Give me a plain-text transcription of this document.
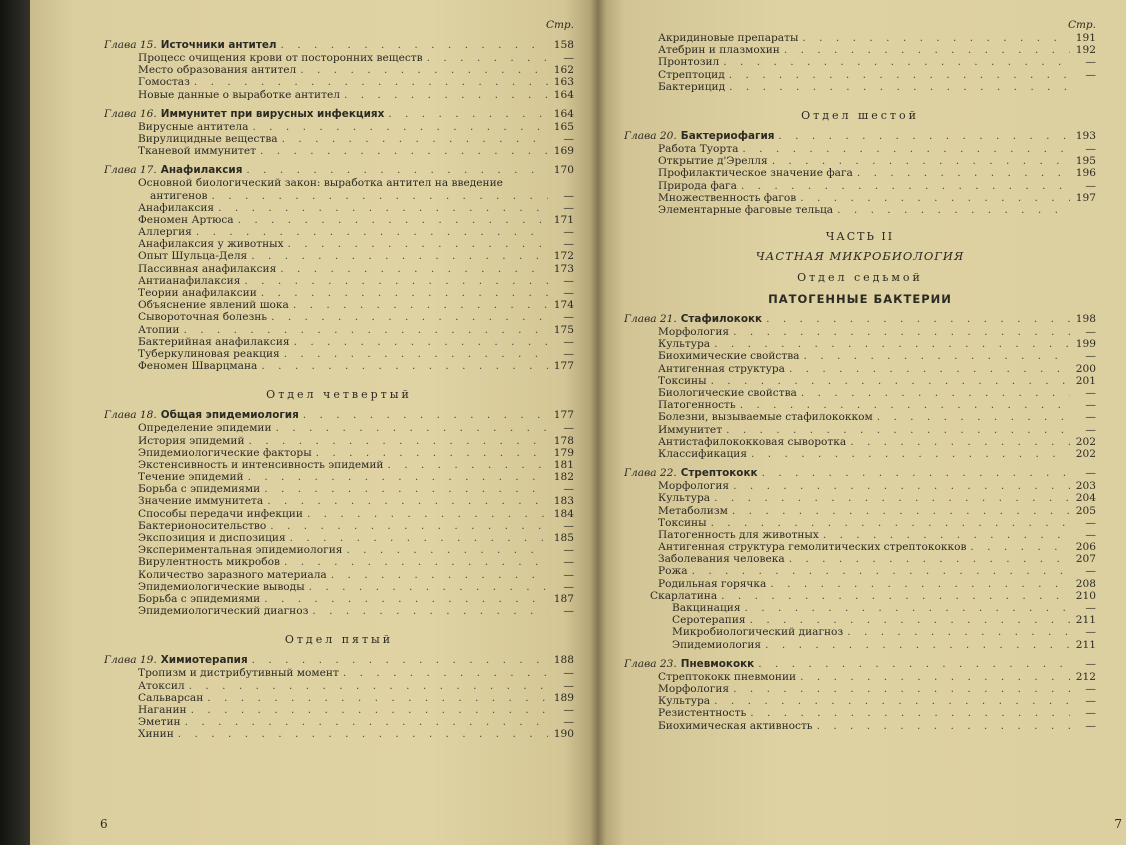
Стр.
Глава 15. Источники антител . . .	158
Процесс очищения крови от посторонних веществ . . .	—
Место образования антител . . .	162
Гомостаз . . .	163
Новые данные о выработке антител . . .	164
Глава 16. Иммунитет при вирусных инфекциях . . .	164
Вирусные антитела . . .	165
Вирулицидные вещества . . .	—
Тканевой иммунитет . . .	169
Глава 17. Анафилаксия . . .	170
Основной биологический закон: выработка антител на введение
антигенов . . .	—
Анафилаксия . . .	—
Феномен Артюса . . .	171
Аллергия . . .	—
Анафилаксия у животных . . .	—
Опыт Шульца-Деля . . .	172
Пассивная анафилаксия . . .	173
Антианафилаксия . . .	—
Теории анафилаксии . . .	—
Объяснение явлений шока . . .	174
Сывороточная болезнь . . .	—
Атопии . . .	175
Бактерийная анафилаксия . . .	—
Туберкулиновая реакция . . .	—
Феномен Шварцмана . . .	177
Отдел четвертый
Глава 18. Общая эпидемиология . . .	177
Определение эпидемии . . .	—
История эпидемий . . .	178
Эпидемиологические факторы . . .	179
Экстенсивность и интенсивность эпидемий . . .	181
Течение эпидемий . . .	182
Борьба с эпидемиями . . .	—
Значение иммунитета . . .	183
Способы передачи инфекции . . .	184
Бактерионосительство . . .	—
Экспозиция и диспозиция . . .	185
Экспериментальная эпидемиология . . .	—
Вирулентность микробов . . .	—
Количество заразного материала . . .	—
Эпидемиологические выводы . . .	—
Борьба с эпидемиями . . .	187
Эпидемиологический диагноз . . .	—
Отдел пятый
Глава 19. Химиотерапия . . .	188
Тропизм и дистрибутивный момент . . .	—
Атоксил . . .	—
Сальварсан . . .	189
Наганин . . .	—
Эметин . . .	—
Хинин . . .	190
6
Стр.
Акридиновые препараты . . .	191
Атебрин и плазмохин . . .	192
Пронтозил . . .	—
Стрептоцид . . .	—
Бактерицид
. . .
Отдел шестой
Глава 20. Бактериофагия . . .	193
Работа Туорта . . .	—
Открытие д'Эрелля . . .	195
Профилактическое значение фага . . .	196
Природа фага . . .	—
Множественность фагов . . .	197
Элементарные фаговые тельца
. . .
ЧАСТЬ II
ЧАСТНАЯ МИКРОБИОЛОГИЯ
Отдел седьмой
ПАТОГЕННЫЕ БАКТЕРИИ
Глава 21. Стафилококк . . .	198
Морфология . . .	—
Культура . . .	199
Биохимические свойства . . .	—
Антигенная структура . . .	200
Токсины . . .	201
Биологические свойства . . .	—
Патогенность . . .	—
Болезни, вызываемые стафилококком . . .	—
Иммунитет . . .	—
Антистафилококковая сыворотка . . .	202
Классификация . . .	202
Глава 22. Стрептококк . . .	—
Морфология . . .	203
Культура . . .	204
Метаболизм . . .	205
Токсины . . .	—
Патогенность для животных . . .	—
Антигенная структура гемолитических стрептококков . . .	206
Заболевания человека . . .	207
Рожа . . .	—
Родильная горячка . . .	208
Скарлатина . . .	210
Вакцинация . . .	—
Серотерапия . . .	211
Микробиологический диагноз . . .	—
Эпидемиология . . .	211
Глава 23. Пневмококк . . .	—
Стрептококк пневмонии . . .	212
Морфология . . .	—
Культура . . .	—
Резистентность . . .	—
Биохимическая активность . . .	—
7
